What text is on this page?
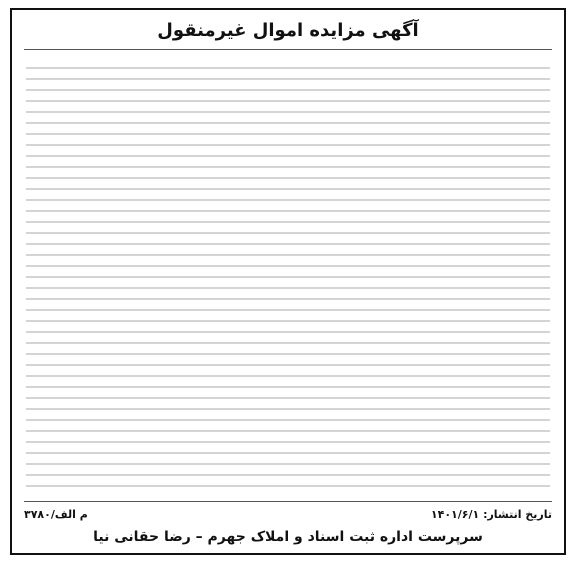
آگهی مزایده اموال غیرمنقول
تاریخ انتشار: ۱۴۰۱/۶/۱
۳۷۸۰/م الف
سرپرست اداره ثبت اسناد و املاک جهرم – رضا حقانی نیا
